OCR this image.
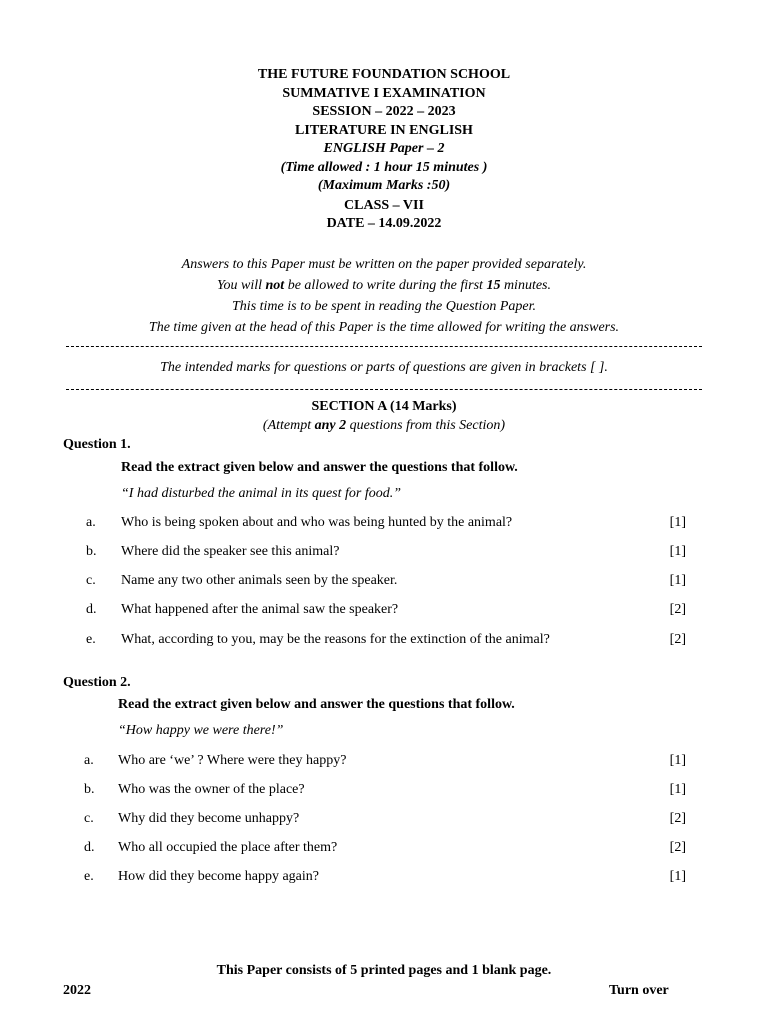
THE FUTURE FOUNDATION SCHOOL
SUMMATIVE I EXAMINATION
SESSION – 2022 – 2023
LITERATURE IN ENGLISH
ENGLISH Paper – 2
(Time allowed : 1 hour 15 minutes )
(Maximum Marks :50)
CLASS – VII
DATE – 14.09.2022
Answers to this Paper must be written on the paper provided separately.
You will not be allowed to write during the first 15 minutes.
This time is to be spent in reading the Question Paper.
The time given at the head of this Paper is the time allowed for writing the answers.
The intended marks for questions or parts of questions are given in brackets [ ].
SECTION A (14 Marks)
(Attempt any 2 questions from this Section)
Question 1.
Read the extract given below and answer the questions that follow.
“I had disturbed the animal in its quest for food.”
a. Who is being spoken about and who was being hunted by the animal?	[1]
b. Where did the speaker see this animal?	[1]
c. Name any two other animals seen by the speaker.	[1]
d. What happened after the animal saw the speaker?	[2]
e. What, according to you, may be the reasons for the extinction of the animal?	[2]
Question 2.
Read the extract given below and answer the questions that follow.
“How happy we were there!”
a. Who are ‘we’ ? Where were they happy?	[1]
b. Who was the owner of the place?	[1]
c. Why did they become unhappy?	[2]
d. Who all occupied the place after them?	[2]
e. How did they become happy again?	[1]
This Paper consists of 5 printed pages and 1 blank page.
2022	Turn over
